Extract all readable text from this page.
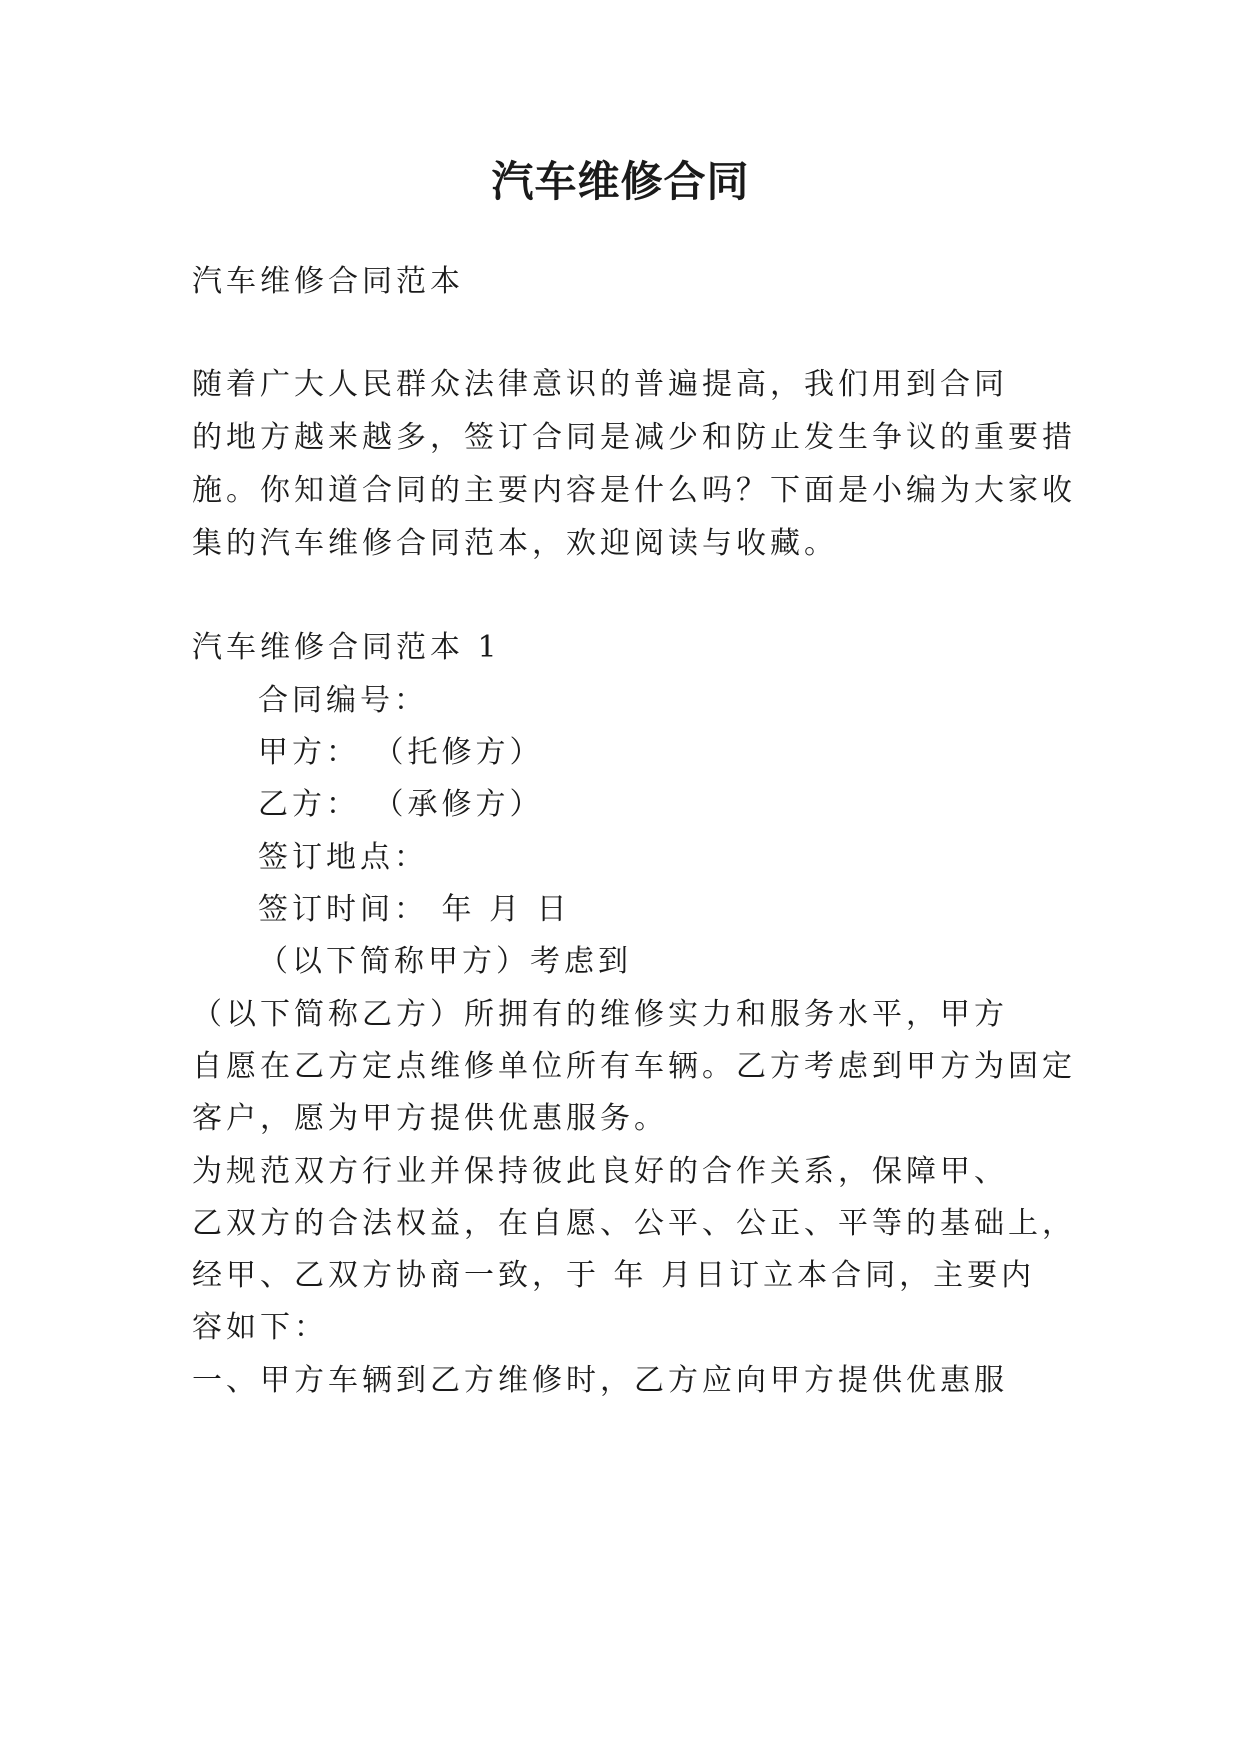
汽车维修合同
汽车维修合同范本
随着广大人民群众法律意识的普遍提高，我们用到合同
的地方越来越多，签订合同是减少和防止发生争议的重要措
施。你知道合同的主要内容是什么吗？下面是小编为大家收
集的汽车维修合同范本，欢迎阅读与收藏。
汽车维修合同范本 1
合同编号：
甲方： （托修方）
乙方： （承修方）
签订地点：
签订时间： 年 月 日
（以下简称甲方）考虑到
（以下简称乙方）所拥有的维修实力和服务水平，甲方
自愿在乙方定点维修单位所有车辆。乙方考虑到甲方为固定
客户，愿为甲方提供优惠服务。
为规范双方行业并保持彼此良好的合作关系，保障甲、
乙双方的合法权益，在自愿、公平、公正、平等的基础上，
经甲、乙双方协商一致，于 年 月日订立本合同，主要内
容如下：
一、甲方车辆到乙方维修时，乙方应向甲方提供优惠服
